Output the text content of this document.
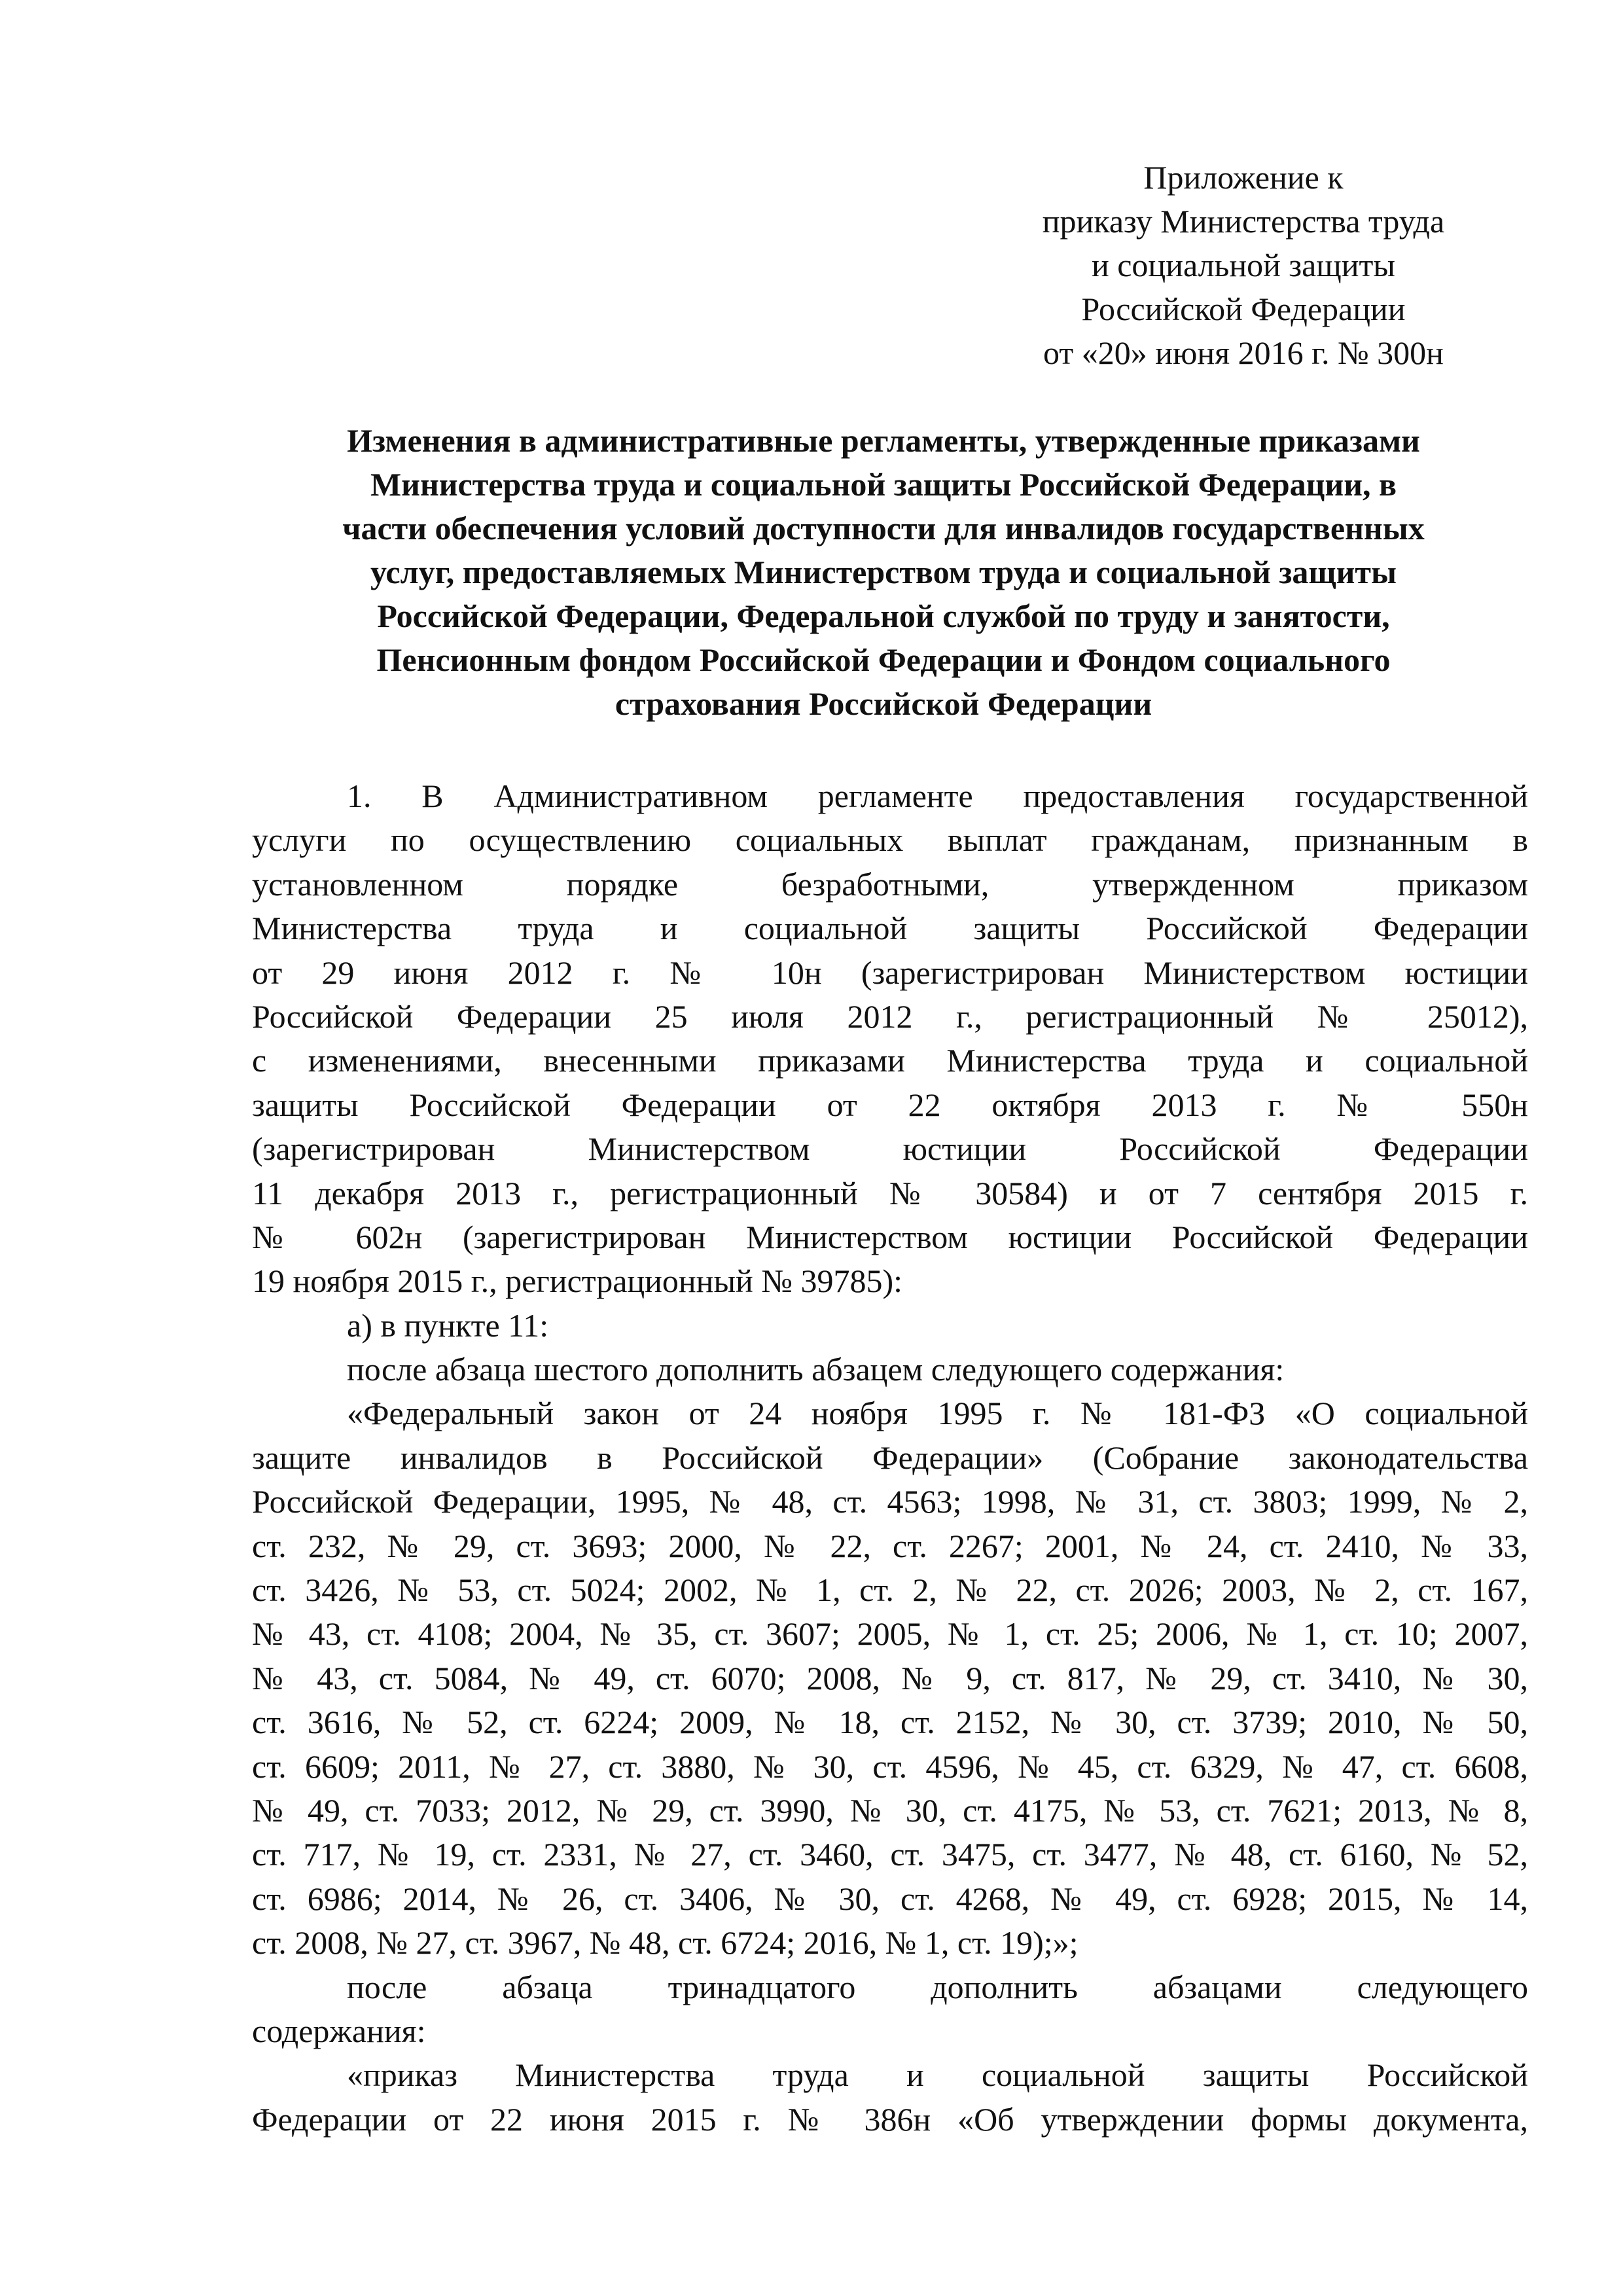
Приложение к
приказу Министерства труда
и социальной защиты
Российской Федерации
от «20» июня 2016 г. № 300н
Изменения в административные регламенты, утвержденные приказами
Министерства труда и социальной защиты Российской Федерации, в
части обеспечения условий доступности для инвалидов государственных
услуг, предоставляемых Министерством труда и социальной защиты
Российской Федерации, Федеральной службой по труду и занятости,
Пенсионным фондом Российской Федерации и Фондом социального
страхования Российской Федерации
1. В Административном регламенте предоставления государственной
услуги по осуществлению социальных выплат гражданам, признанным в
установленном порядке безработными, утвержденном приказом
Министерства труда и социальной защиты Российской Федерации
от 29 июня 2012 г. № 10н (зарегистрирован Министерством юстиции
Российской Федерации 25 июля 2012 г., регистрационный № 25012),
с изменениями, внесенными приказами Министерства труда и социальной
защиты Российской Федерации от 22 октября 2013 г. № 550н
(зарегистрирован Министерством юстиции Российской Федерации
11 декабря 2013 г., регистрационный № 30584) и от 7 сентября 2015 г.
№ 602н (зарегистрирован Министерством юстиции Российской Федерации
19 ноября 2015 г., регистрационный № 39785):
а) в пункте 11:
после абзаца шестого дополнить абзацем следующего содержания:
«Федеральный закон от 24 ноября 1995 г. № 181-ФЗ «О социальной
защите инвалидов в Российской Федерации» (Собрание законодательства
Российской Федерации, 1995, № 48, ст. 4563; 1998, № 31, ст. 3803; 1999, № 2,
ст. 232, № 29, ст. 3693; 2000, № 22, ст. 2267; 2001, № 24, ст. 2410, № 33,
ст. 3426, № 53, ст. 5024; 2002, № 1, ст. 2, № 22, ст. 2026; 2003, № 2, ст. 167,
№ 43, ст. 4108; 2004, № 35, ст. 3607; 2005, № 1, ст. 25; 2006, № 1, ст. 10; 2007,
№ 43, ст. 5084, № 49, ст. 6070; 2008, № 9, ст. 817, № 29, ст. 3410, № 30,
ст. 3616, № 52, ст. 6224; 2009, № 18, ст. 2152, № 30, ст. 3739; 2010, № 50,
ст. 6609; 2011, № 27, ст. 3880, № 30, ст. 4596, № 45, ст. 6329, № 47, ст. 6608,
№ 49, ст. 7033; 2012, № 29, ст. 3990, № 30, ст. 4175, № 53, ст. 7621; 2013, № 8,
ст. 717, № 19, ст. 2331, № 27, ст. 3460, ст. 3475, ст. 3477, № 48, ст. 6160, № 52,
ст. 6986; 2014, № 26, ст. 3406, № 30, ст. 4268, № 49, ст. 6928; 2015, № 14,
ст. 2008, № 27, ст. 3967, № 48, ст. 6724; 2016, № 1, ст. 19);»;
после абзаца тринадцатого дополнить абзацами следующего
содержания:
«приказ Министерства труда и социальной защиты Российской
Федерации от 22 июня 2015 г. № 386н «Об утверждении формы документа,
